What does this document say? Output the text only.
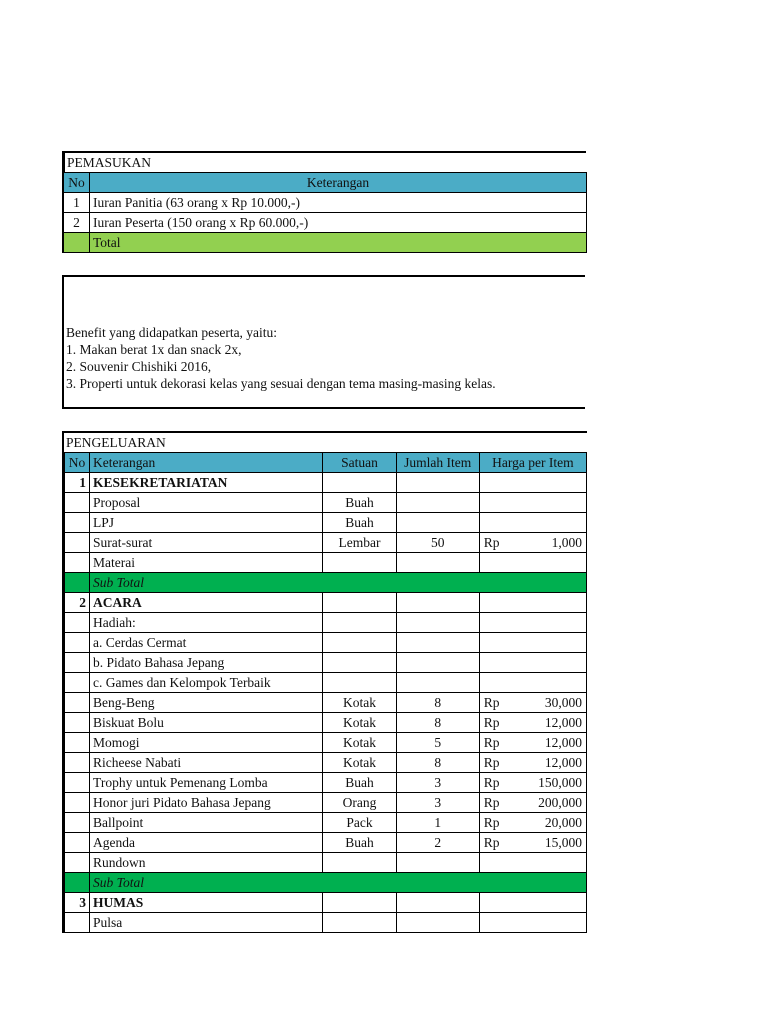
PEMASUKAN
No	Keterangan
1	Iuran Panitia (63 orang x Rp 10.000,-)
2	Iuran Peserta (150 orang x Rp 60.000,-)
	Total
Benefit yang didapatkan peserta, yaitu:
1. Makan berat 1x dan snack 2x,
2. Souvenir Chishiki 2016,
3. Properti untuk dekorasi kelas yang sesuai dengan tema masing-masing kelas.
PENGELUARAN
No	Keterangan	Satuan	Jumlah Item	Harga per Item
1	KESEKRETARIATAN			
	Proposal	Buah		
	LPJ	Buah		
	Surat-surat	Lembar	50	Rp 1,000

	Materai			
	Sub Total			
2	ACARA			
	Hadiah:			
	a. Cerdas Cermat			
	b. Pidato Bahasa Jepang			
	c. Games dan Kelompok Terbaik			
	Beng-Beng	Kotak	8	Rp 30,000

	Biskuat Bolu	Kotak	8	Rp 12,000

	Momogi	Kotak	5	Rp 12,000

	Richeese Nabati	Kotak	8	Rp 12,000

	Trophy untuk Pemenang Lomba	Buah	3	Rp 150,000

	Honor juri Pidato Bahasa Jepang	Orang	3	Rp 200,000

	Ballpoint	Pack	1	Rp 20,000

	Agenda	Buah	2	Rp 15,000

	Rundown			
	Sub Total			
3	HUMAS			
	Pulsa			
